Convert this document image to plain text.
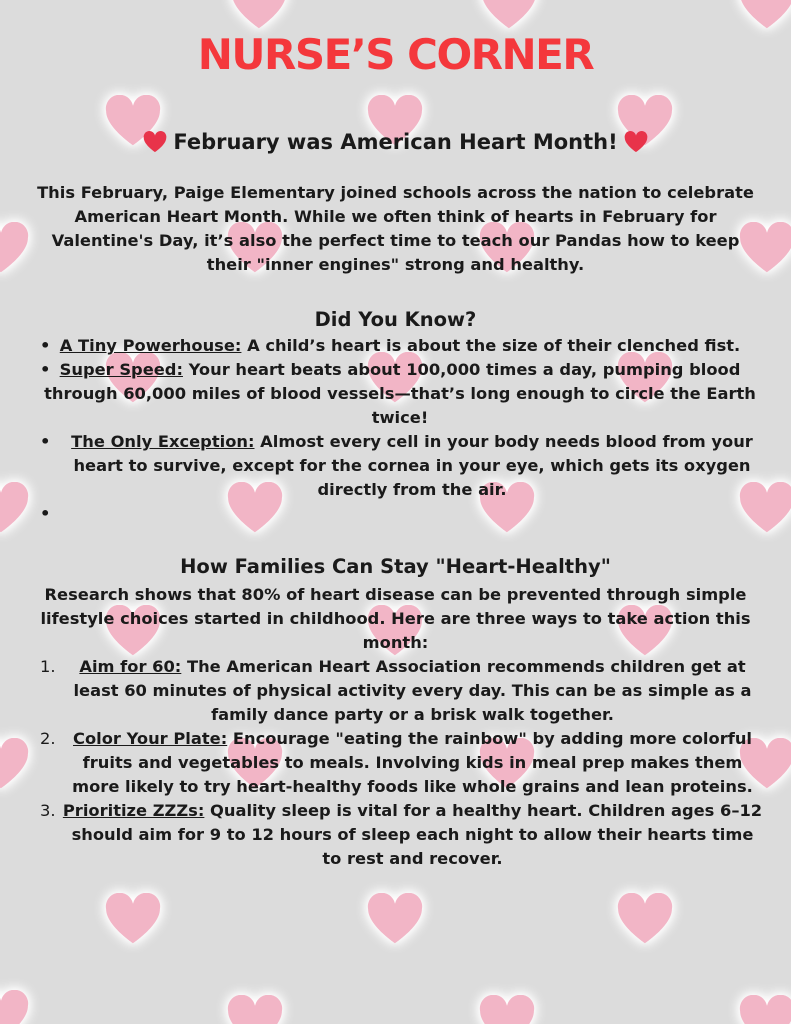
NURSE’S CORNER
February was American Heart Month!

This February, Paige Elementary joined schools across the nation to celebrate American Heart Month. While we often think of hearts in February for Valentine's Day, it’s also the perfect time to teach our Pandas how to keep their "inner engines" strong and healthy.

Did You Know?
• A Tiny Powerhouse: A child’s heart is about the size of their clenched fist.
• Super Speed: Your heart beats about 100,000 times a day, pumping blood through 60,000 miles of blood vessels—that’s long enough to circle the Earth twice!
• The Only Exception: Almost every cell in your body needs blood from your heart to survive, except for the cornea in your eye, which gets its oxygen directly from the air.
•
How Families Can Stay "Heart-Healthy"

Research shows that 80% of heart disease can be prevented through simple lifestyle choices started in childhood. Here are three ways to take action this month:

1. Aim for 60: The American Heart Association recommends children get at least 60 minutes of physical activity every day. This can be as simple as a family dance party or a brisk walk together.
2. Color Your Plate: Encourage "eating the rainbow" by adding more colorful fruits and vegetables to meals. Involving kids in meal prep makes them more likely to try heart-healthy foods like whole grains and lean proteins.
3. Prioritize ZZZs: Quality sleep is vital for a healthy heart. Children ages 6–12 should aim for 9 to 12 hours of sleep each night to allow their hearts time to rest and recover.
